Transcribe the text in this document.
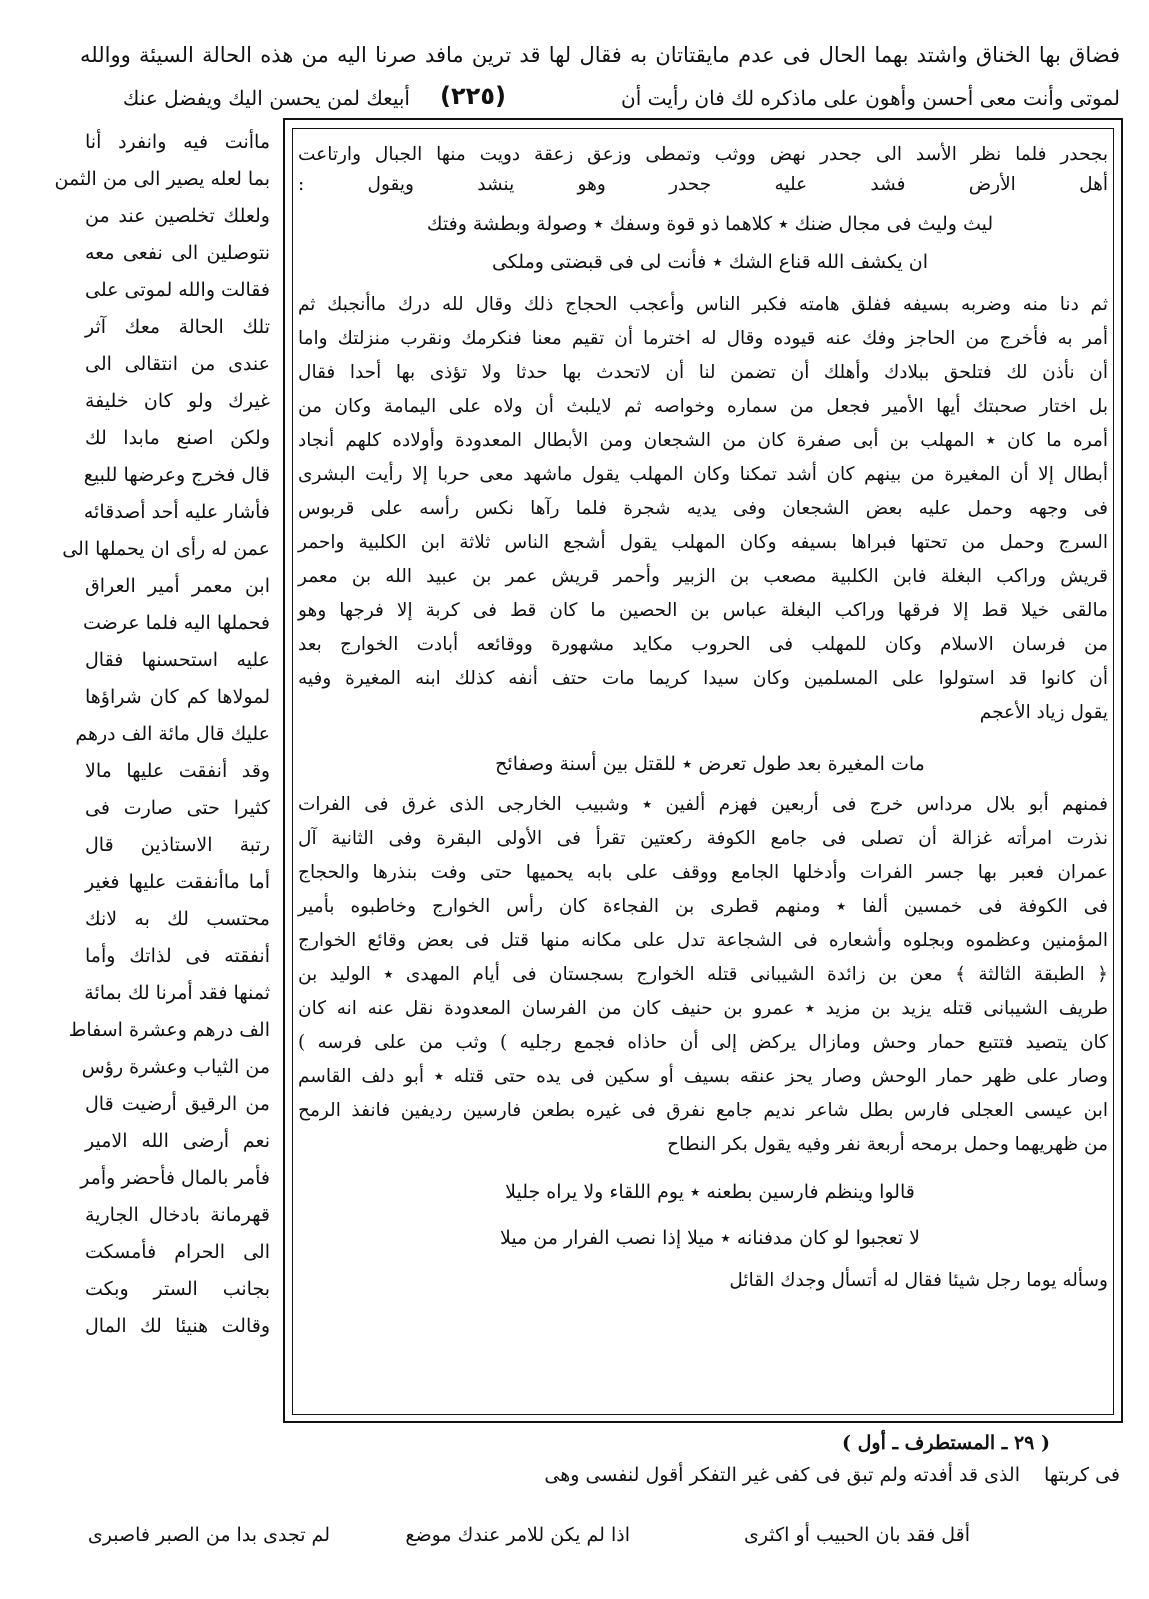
فضاق بها الخناق واشتد بهما الحال فى عدم مايقتاتان به فقال لها قد ترين مافد صرنا اليه من هذه الحالة السيئة ووالله
لموتى وأنت معى أحسن وأهون على ماذكره لك فان رأيت أن
(٢٢٥)
أبيعك لمن يحسن اليك ويفضل عنك
ماأنت فيه وانفرد أنا
بما لعله يصير الى من الثمن
ولعلك تخلصين عند من
نتوصلين الى نفعى معه
فقالت والله لموتى على
تلك الحالة معك آثر
عندى من انتقالى الى
غيرك ولو كان خليفة
ولكن اصنع مابدا لك
قال فخرج وعرضها للبيع
فأشار عليه أحد أصدقائه
عمن له رأى ان يحملها الى
ابن معمر أمير العراق
فحملها اليه فلما عرضت
عليه استحسنها فقال
لمولاها كم كان شراؤها
عليك قال مائة الف درهم
وقد أنفقت عليها مالا
كثيرا حتى صارت فى
رتبة الاستاذين قال
أما ماأنفقت عليها فغير
محتسب لك به لانك
أنفقته فى لذاتك وأما
ثمنها فقد أمرنا لك بمائة
الف درهم وعشرة اسفاط
من الثياب وعشرة رؤس
من الرقيق أرضيت قال
نعم أرضى الله الامير
فأمر بالمال فأحضر وأمر
قهرمانة بادخال الجارية
الى الحرام فأمسكت
بجانب الستر وبكت
وقالت هنيئا لك المال
بجحدر فلما نظر الأسد الى جحدر نهض ووثب وتمطى وزعق زعقة دويت منها الجبال وارتاعت
أهل الأرض فشد عليه جحدر وهو ينشد ويقول :
ليث وليث فى مجال ضنك ٭ كلاهما ذو قوة وسفك ٭ وصولة وبطشة وفتك
ان يكشف الله قناع الشك ٭ فأنت لى فى قبضتى وملكى
ثم دنا منه وضربه بسيفه ففلق هامته فكبر الناس وأعجب الحجاج ذلك وقال لله درك ماأنجبك ثم
أمر به فأخرج من الحاجز وفك عنه قيوده وقال له اخترما أن تقيم معنا فنكرمك ونقرب منزلتك واما
أن نأذن لك فتلحق ببلادك وأهلك أن تضمن لنا أن لاتحدث بها حدثا ولا تؤذى بها أحدا فقال
بل اختار صحبتك أيها الأمير فجعل من سماره وخواصه ثم لايلبث أن ولاه على اليمامة وكان من
أمره ما كان ٭ المهلب بن أبى صفرة كان من الشجعان ومن الأبطال المعدودة وأولاده كلهم أنجاد
أبطال إلا أن المغيرة من بينهم كان أشد تمكنا وكان المهلب يقول ماشهد معى حربا إلا رأيت البشرى
فى وجهه وحمل عليه بعض الشجعان وفى يديه شجرة فلما رآها نكس رأسه على قربوس
السرج وحمل من تحتها فبراها بسيفه وكان المهلب يقول أشجع الناس ثلاثة ابن الكلبية واحمر
قريش وراكب البغلة فابن الكلبية مصعب بن الزبير وأحمر قريش عمر بن عبيد الله بن معمر
مالقى خيلا قط إلا فرقها وراكب البغلة عباس بن الحصين ما كان قط فى كربة إلا فرجها وهو
من فرسان الاسلام وكان للمهلب فى الحروب مكايد مشهورة ووقائعه أبادت الخوارج بعد
أن كانوا قد استولوا على المسلمين وكان سيدا كريما مات حتف أنفه كذلك ابنه المغيرة وفيه
يقول زياد الأعجم
مات المغيرة بعد طول تعرض ٭ للقتل بين أسنة وصفائح
فمنهم أبو بلال مرداس خرج فى أربعين فهزم ألفين ٭ وشبيب الخارجى الذى غرق فى الفرات
نذرت امرأته غزالة أن تصلى فى جامع الكوفة ركعتين تقرأ فى الأولى البقرة وفى الثانية آل
عمران فعبر بها جسر الفرات وأدخلها الجامع ووقف على بابه يحميها حتى وفت بنذرها والحجاج
فى الكوفة فى خمسين ألفا ٭ ومنهم قطرى بن الفجاءة كان رأس الخوارج وخاطبوه بأمير
المؤمنين وعظموه وبجلوه وأشعاره فى الشجاعة تدل على مكانه منها قتل فى بعض وقائع الخوارج
﴿ الطبقة الثالثة ﴾ معن بن زائدة الشيبانى قتله الخوارج بسجستان فى أيام المهدى ٭ الوليد بن
طريف الشيبانى قتله يزيد بن مزيد ٭ عمرو بن حنيف كان من الفرسان المعدودة نقل عنه انه كان
كان يتصيد فتتبع حمار وحش ومازال يركض إلى أن حاذاه فجمع رجليه ) وثب من على فرسه )
وصار على ظهر حمار الوحش وصار يحز عنقه بسيف أو سكين فى يده حتى قتله ٭ أبو دلف القاسم
ابن عيسى العجلى فارس بطل شاعر نديم جامع نفرق فى غيره بطعن فارسين رديفين فانفذ الرمح
من ظهريهما وحمل برمحه أربعة نفر وفيه يقول بكر النطاح
قالوا وينظم فارسين بطعنه ٭ يوم اللقاء ولا يراه جليلا
لا تعجبوا لو كان مدفنانه ٭ ميلا إذا نصب الفرار من ميلا
وسأله يوما رجل شيئا فقال له أتسأل وجدك القائل
( ٢٩ ـ المستطرف ـ أول )
الذى قد أفدته ولم تبق فى كفى غير التفكر أقول لنفسى وهى	فى كربتها
أقل فقد بان الحبيب أو اكثرى
اذا لم يكن للامر عندك موضع
لم تجدى بدا من الصبر فاصبرى
